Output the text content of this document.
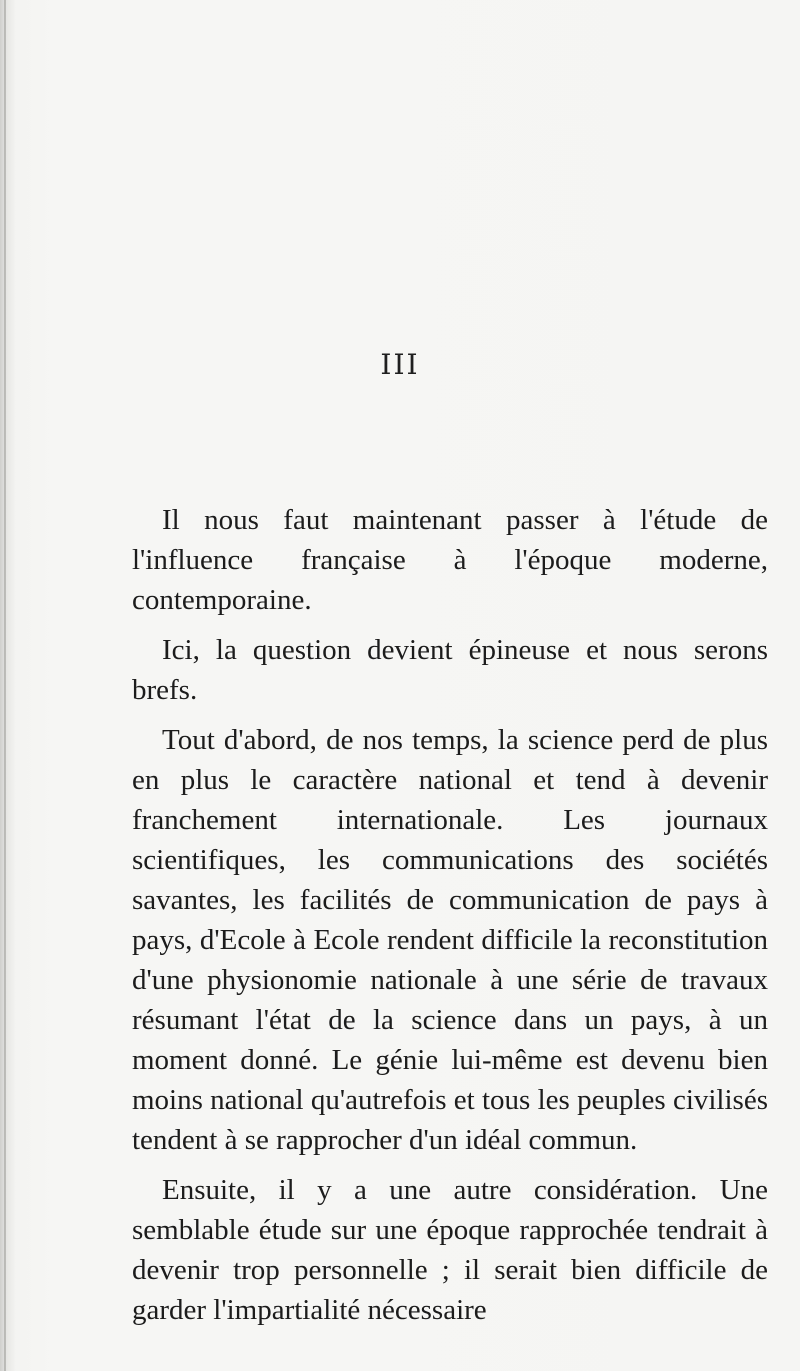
III

Il nous faut maintenant passer à l'étude de l'influence française à l'époque moderne, contemporaine.

Ici, la question devient épineuse et nous serons brefs.

Tout d'abord, de nos temps, la science perd de plus en plus le caractère national et tend à devenir franchement internationale. Les journaux scientifiques, les communications des sociétés savantes, les facilités de communication de pays à pays, d'Ecole à Ecole rendent difficile la reconstitution d'une physionomie nationale à une série de travaux résumant l'état de la science dans un pays, à un moment donné. Le génie lui-même est devenu bien moins national qu'autrefois et tous les peuples civilisés tendent à se rapprocher d'un idéal commun.

Ensuite, il y a une autre considération. Une semblable étude sur une époque rapprochée tendrait à devenir trop personnelle ; il serait bien difficile de garder l'impartialité nécessaire
